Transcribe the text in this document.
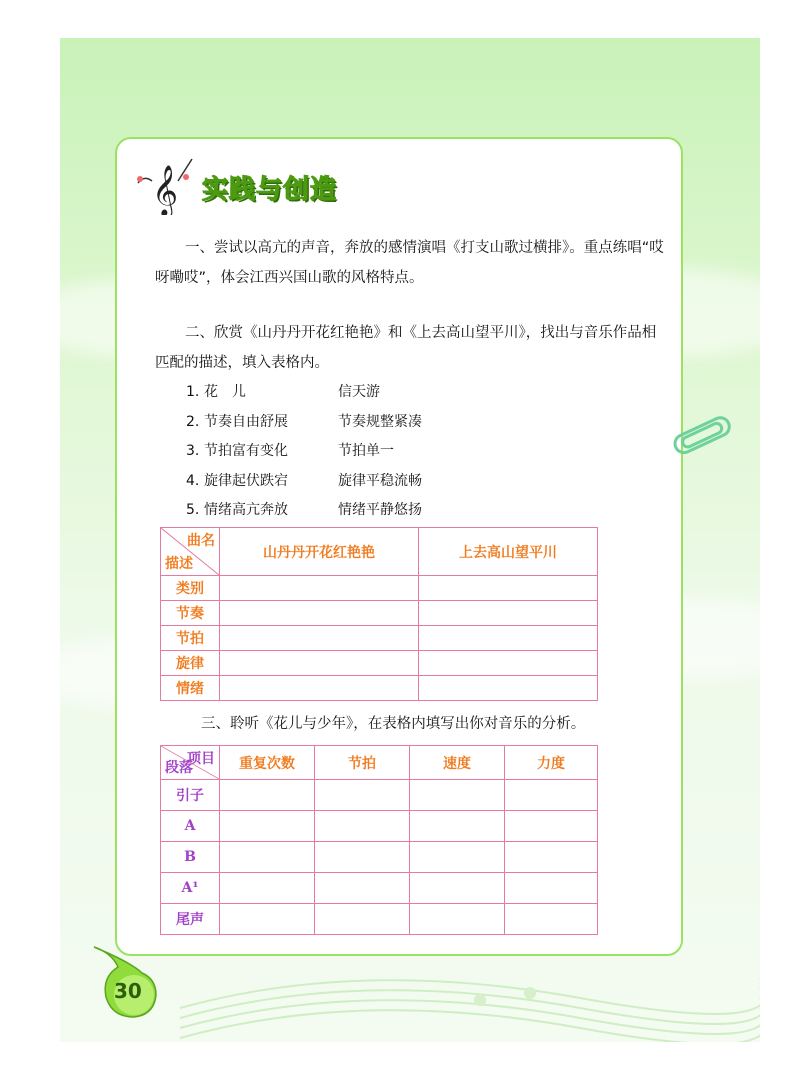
𝄞 实践与创造

一、尝试以高亢的声音，奔放的感情演唱《打支山歌过横排》。重点练唱“哎呀嘞哎”，体会江西兴国山歌的风格特点。

二、欣赏《山丹丹开花红艳艳》和《上去高山望平川》，找出与音乐作品相匹配的描述，填入表格内。

1. 花　儿	信天游
2. 节奏自由舒展	节奏规整紧凑
3. 节拍富有变化	节拍单一
4. 旋律起伏跌宕	旋律平稳流畅
5. 情绪高亢奔放	情绪平静悠扬
曲名
描述	山丹丹开花红艳艳	上去高山望平川
类别		
节奏		
节拍		
旋律		
情绪		

三、聆听《花儿与少年》，在表格内填写出你对音乐的分析。

项目
段落	重复次数	节拍	速度	力度
引子				
A				
B				
A¹				
尾声				
30
